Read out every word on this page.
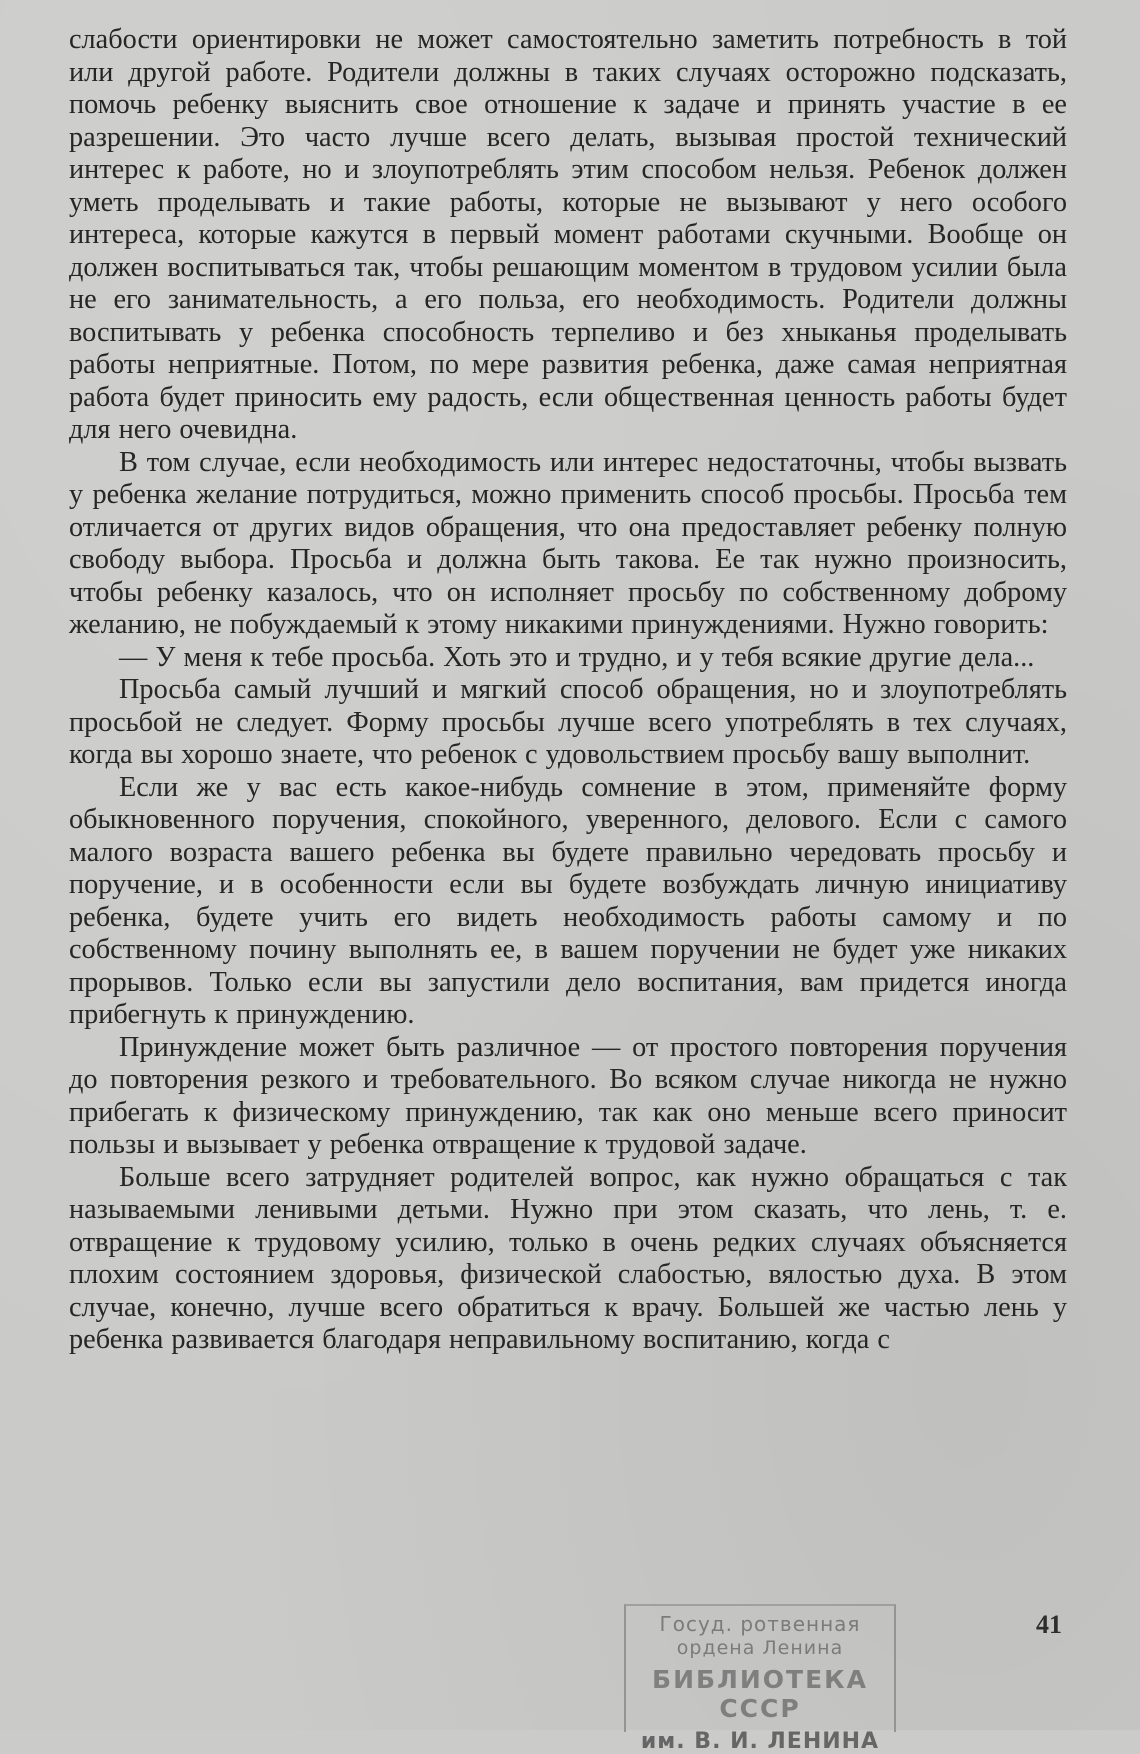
слабости ориентировки не может самостоятельно заметить потребность в той или другой работе. Родители должны в таких случаях осторожно подсказать, помочь ребенку выяснить свое отношение к задаче и принять участие в ее разрешении. Это часто лучше всего делать, вызывая простой технический интерес к работе, но и злоупотреблять этим способом нельзя. Ребенок должен уметь проделывать и такие работы, которые не вызывают у него особого интереса, которые кажутся в первый момент работами скучными. Вообще он должен воспитываться так, чтобы решающим моментом в трудовом усилии была не его занимательность, а его польза, его необходимость. Родители должны воспитывать у ребенка способность терпеливо и без хныканья проделывать работы неприятные. Потом, по мере развития ребенка, даже самая неприятная работа будет приносить ему радость, если общественная ценность работы будет для него очевидна.

В том случае, если необходимость или интерес недостаточны, чтобы вызвать у ребенка желание потрудиться, можно применить способ просьбы. Просьба тем отличается от других видов обращения, что она предоставляет ребенку полную свободу выбора. Просьба и должна быть такова. Ее так нужно произносить, чтобы ребенку казалось, что он исполняет просьбу по собственному доброму желанию, не побуждаемый к этому никакими принуждениями. Нужно говорить:

— У меня к тебе просьба. Хоть это и трудно, и у тебя всякие другие дела...

Просьба самый лучший и мягкий способ обращения, но и злоупотреблять просьбой не следует. Форму просьбы лучше всего употреблять в тех случаях, когда вы хорошо знаете, что ребенок с удовольствием просьбу вашу выполнит.

Если же у вас есть какое-нибудь сомнение в этом, применяйте форму обыкновенного поручения, спокойного, уверенного, делового. Если с самого малого возраста вашего ребенка вы будете правильно чередовать просьбу и поручение, и в особенности если вы будете возбуждать личную инициативу ребенка, будете учить его видеть необходимость работы самому и по собственному почину выполнять ее, в вашем поручении не будет уже никаких прорывов. Только если вы запустили дело воспитания, вам придется иногда прибегнуть к принуждению.

Принуждение может быть различное — от простого повторения поручения до повторения резкого и требовательного. Во всяком случае никогда не нужно прибегать к физическому принуждению, так как оно меньше всего приносит пользы и вызывает у ребенка отвращение к трудовой задаче.

Больше всего затрудняет родителей вопрос, как нужно обращаться с так называемыми ленивыми детьми. Нужно при этом сказать, что лень, т. е. отвращение к трудовому усилию, только в очень редких случаях объясняется плохим состоянием здоровья, физической слабостью, вялостью духа. В этом случае, конечно, лучше всего обратиться к врачу. Большей же частью лень у ребенка развивается благодаря неправильному воспитанию, когда с

Госуд. ротвенная
ордена Ленина
БИБЛИОТЕКА СССР
им. В. И. ЛЕНИНА
41
